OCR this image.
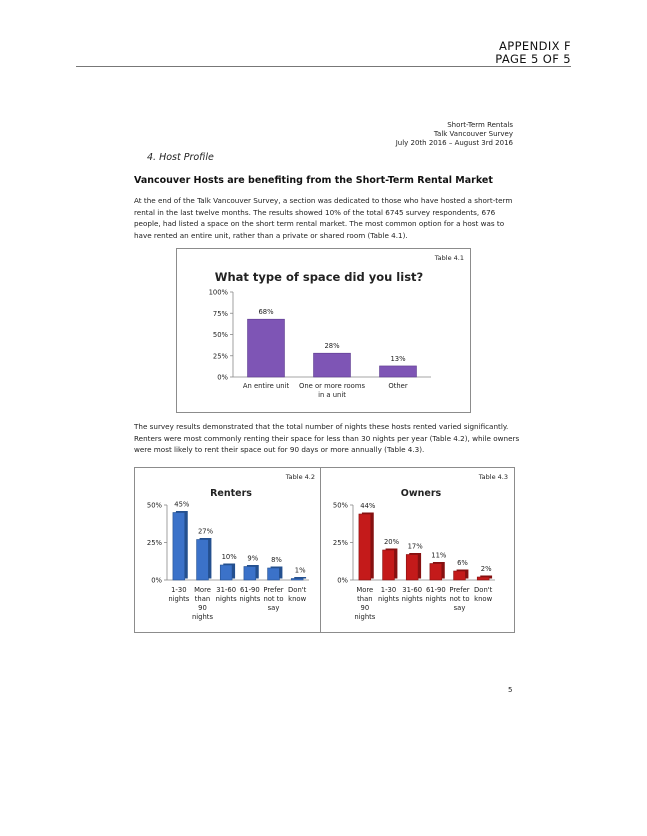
APPENDIX F
PAGE 5 OF 5
Short-Term Rentals
Talk Vancouver Survey
July 20th 2016 – August 3rd 2016
4. Host Profile
Vancouver Hosts are benefiting from the Short-Term Rental Market
At the end of the Talk Vancouver Survey, a section was dedicated to those who have hosted a short-term rental in the last twelve months. The results showed 10% of the total 6745 survey respondents, 676 people, had listed a space on the short term rental market. The most common option for a host was to have rented an entire unit, rather than a private or shared room (Table 4.1).
Table 4.1
What type of space did you list?
0%
25%
50%
75%
100%
68%
An entire unit
28%
One or more rooms
in a unit
13%
Other
The survey results demonstrated that the total number of nights these hosts rented varied significantly. Renters were most commonly renting their space for less than 30 nights per year (Table 4.2), while owners were most likely to rent their space out for 90 days or more annually (Table 4.3).
Table 4.2
Renters
0%
25%
50% 45%
1-30
nights
27%
More
than
90
nights
10%
31-60
nights
9%
61-90
nights
8%
Prefer
not to
say
1%
Don't
know
Table 4.3
Owners
0%
25%
50% 44%
More
than
90
nights
20%
1-30
nights
17%
31-60
nights
11%
61-90
nights
6%
Prefer
not to
say
2%
Don't
know
5
